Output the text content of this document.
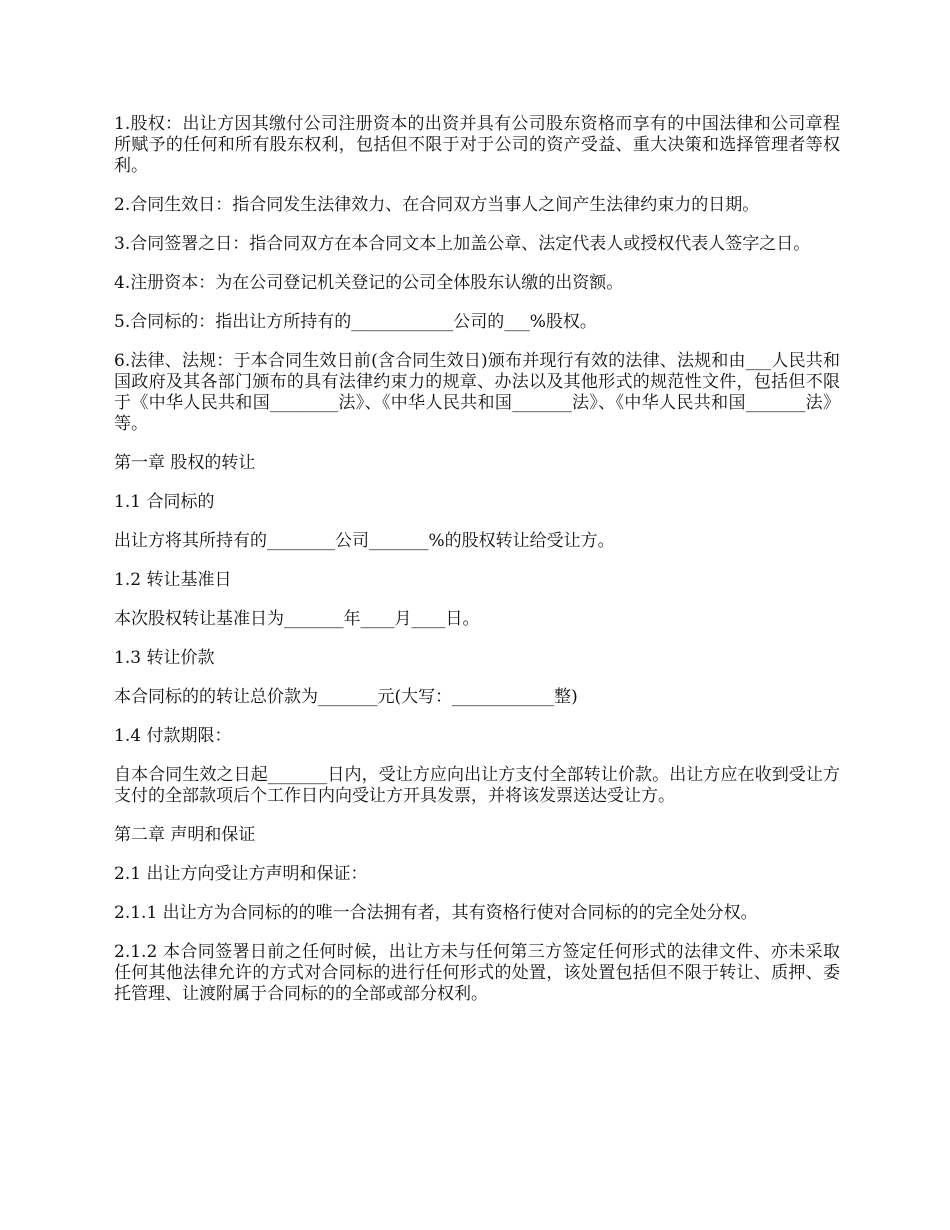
1.股权：出让方因其缴付公司注册资本的出资并具有公司股东资格而享有的中国法律和公司章程所赋予的任何和所有股东权利，包括但不限于对于公司的资产受益、重大决策和选择管理者等权利。

2.合同生效日：指合同发生法律效力、在合同双方当事人之间产生法律约束力的日期。

3.合同签署之日：指合同双方在本合同文本上加盖公章、法定代表人或授权代表人签字之日。

4.注册资本：为在公司登记机关登记的公司全体股东认缴的出资额。

5.合同标的：指出让方所持有的____________公司的___%股权。

6.法律、法规：于本合同生效日前(含合同生效日)颁布并现行有效的法律、法规和由___人民共和国政府及其各部门颁布的具有法律约束力的规章、办法以及其他形式的规范性文件，包括但不限于《中华人民共和国________法》、《中华人民共和国_______法》、《中华人民共和国_______法》等。

第一章 股权的转让

1.1 合同标的

出让方将其所持有的________公司_______%的股权转让给受让方。

1.2 转让基准日

本次股权转让基准日为_______年____月____日。

1.3 转让价款

本合同标的的转让总价款为_______元(大写：____________整)

1.4 付款期限：

自本合同生效之日起_______日内，受让方应向出让方支付全部转让价款。出让方应在收到受让方支付的全部款项后个工作日内向受让方开具发票，并将该发票送达受让方。

第二章 声明和保证

2.1 出让方向受让方声明和保证：

2.1.1 出让方为合同标的的唯一合法拥有者，其有资格行使对合同标的的完全处分权。

2.1.2 本合同签署日前之任何时候，出让方未与任何第三方签定任何形式的法律文件、亦未采取任何其他法律允许的方式对合同标的进行任何形式的处置，该处置包括但不限于转让、质押、委托管理、让渡附属于合同标的的全部或部分权利。
